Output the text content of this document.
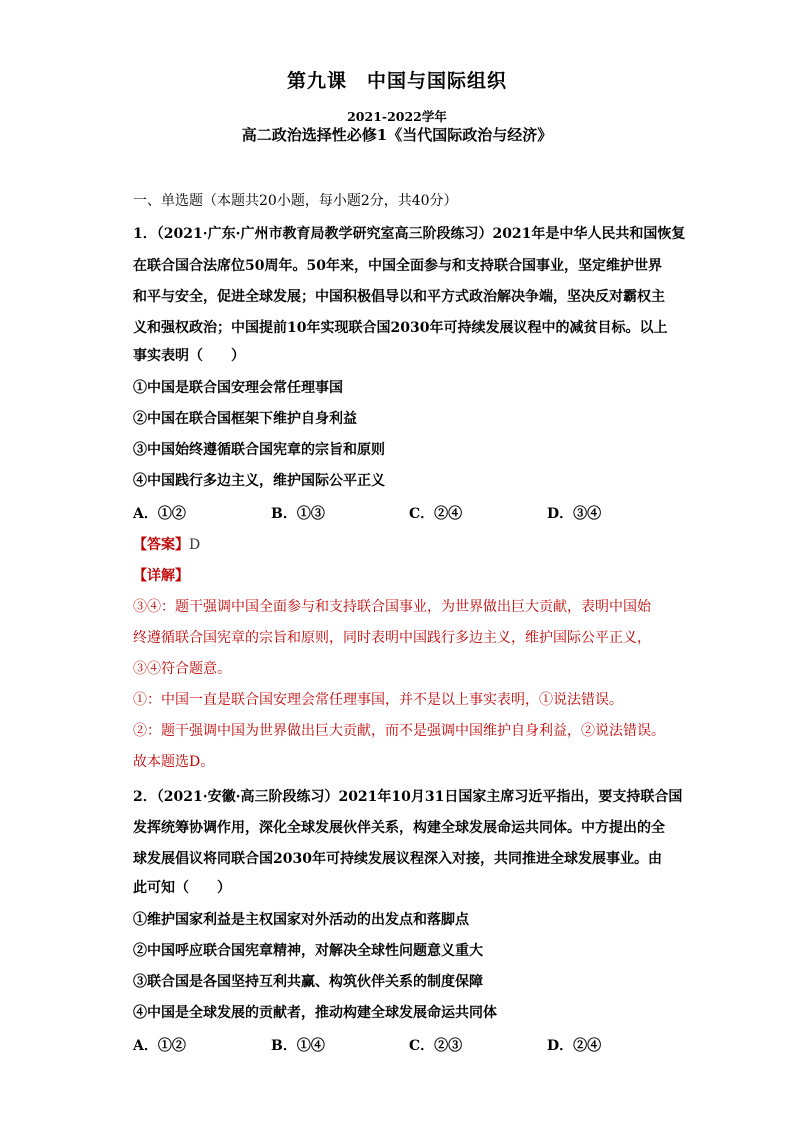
第九课　中国与国际组织
2021-2022学年
高二政治选择性必修1《当代国际政治与经济》
一、单选题（本题共20小题，每小题2分，共40分）
1．（2021·广东·广州市教育局教学研究室高三阶段练习）2021年是中华人民共和国恢复
在联合国合法席位50周年。50年来，中国全面参与和支持联合国事业，坚定维护世界
和平与安全，促进全球发展；中国积极倡导以和平方式政治解决争端，坚决反对霸权主
义和强权政治；中国提前10年实现联合国2030年可持续发展议程中的减贫目标。以上
事实表明（　　）
①中国是联合国安理会常任理事国
②中国在联合国框架下维护自身利益
③中国始终遵循联合国宪章的宗旨和原则
④中国践行多边主义，维护国际公平正义
A．①②	B．①③	C．②④	D．③④
【答案】D
【详解】
③④：题干强调中国全面参与和支持联合国事业，为世界做出巨大贡献，表明中国始
终遵循联合国宪章的宗旨和原则，同时表明中国践行多边主义，维护国际公平正义，
③④符合题意。
①：中国一直是联合国安理会常任理事国，并不是以上事实表明，①说法错误。
②：题干强调中国为世界做出巨大贡献，而不是强调中国维护自身利益，②说法错误。
故本题选D。
2．（2021·安徽·高三阶段练习）2021年10月31日国家主席习近平指出，要支持联合国
发挥统筹协调作用，深化全球发展伙伴关系，构建全球发展命运共同体。中方提出的全
球发展倡议将同联合国2030年可持续发展议程深入对接，共同推进全球发展事业。由
此可知（　　）
①维护国家利益是主权国家对外活动的出发点和落脚点
②中国呼应联合国宪章精神，对解决全球性问题意义重大
③联合国是各国坚持互利共赢、构筑伙伴关系的制度保障
④中国是全球发展的贡献者，推动构建全球发展命运共同体
A．①②	B．①④	C．②③	D．②④
